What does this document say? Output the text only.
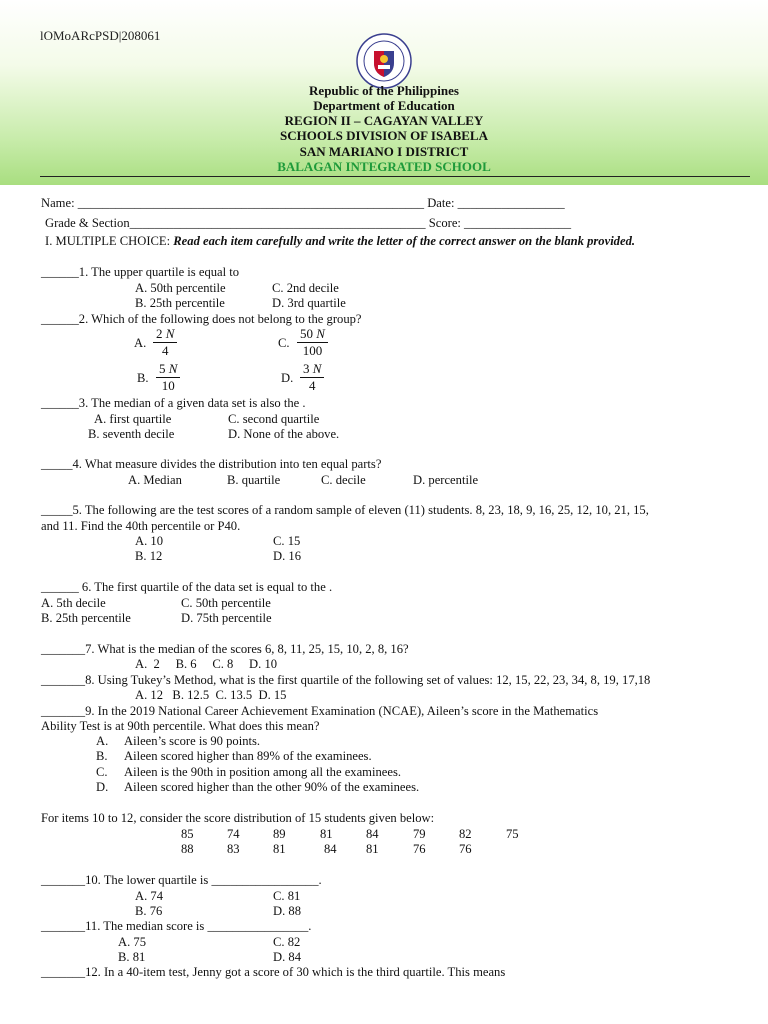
lOMoARcPSD|208061
Republic of the Philippines
Department of Education
REGION II – CAGAYAN VALLEY
SCHOOLS DIVISION OF ISABELA
SAN MARIANO I DISTRICT
BALAGAN INTEGRATED SCHOOL
Name: _______________________________________________________ Date: _________________
Grade & Section_______________________________________________ Score: _________________
I. MULTIPLE CHOICE: Read each item carefully and write the letter of the correct answer on the blank provided.
______1. The upper quartile is equal to
A. 50th percentile	C. 2nd decile
B. 25th percentile	D. 3rd quartile
______2. Which of the following does not belong to the group?
A.
2 N
4	C.
50 N
100
B.
5 N
10	D.
3 N
4
______3. The median of a given data set is also the .
A. first quartile	C. second quartile
B. seventh decile	D. None of the above.
_____4. What measure divides the distribution into ten equal parts?
A. Median	B. quartile	C. decile	D. percentile
_____5. The following are the test scores of a random sample of eleven (11) students. 8, 23, 18, 9, 16, 25, 12, 10, 21, 15,
and 11. Find the 40th percentile or P40.
A. 10	C. 15
B. 12	D. 16
______ 6. The first quartile of the data set is equal to the .
A. 5th decile	C. 50th percentile
B. 25th percentile	D. 75th percentile
_______7. What is the median of the scores 6, 8, 11, 25, 15, 10, 2, 8, 16?
A.  2     B. 6     C. 8     D. 10
_______8. Using Tukey’s Method, what is the first quartile of the following set of values: 12, 15, 22, 23, 34, 8, 19, 17,18
A. 12   B. 12.5  C. 13.5  D. 15
_______9. In the 2019 National Career Achievement Examination (NCAE), Aileen’s score in the Mathematics
Ability Test is at 90th percentile. What does this mean?
A. Aileen’s score is 90 points.
B. Aileen scored higher than 89% of the examinees.
C. Aileen is the 90th in position among all the examinees.
D. Aileen scored higher than the other 90% of the examinees.
For items 10 to 12, consider the score distribution of 15 students given below:
85	74	89	81	84	79	82	75
88	83	81	84 81	76	76
_______10. The lower quartile is _________________.
A. 74	C. 81
B. 76	D. 88
_______11. The median score is ________________.
A. 75	C. 82
B. 81	D. 84
_______12. In a 40-item test, Jenny got a score of 30 which is the third quartile. This means
